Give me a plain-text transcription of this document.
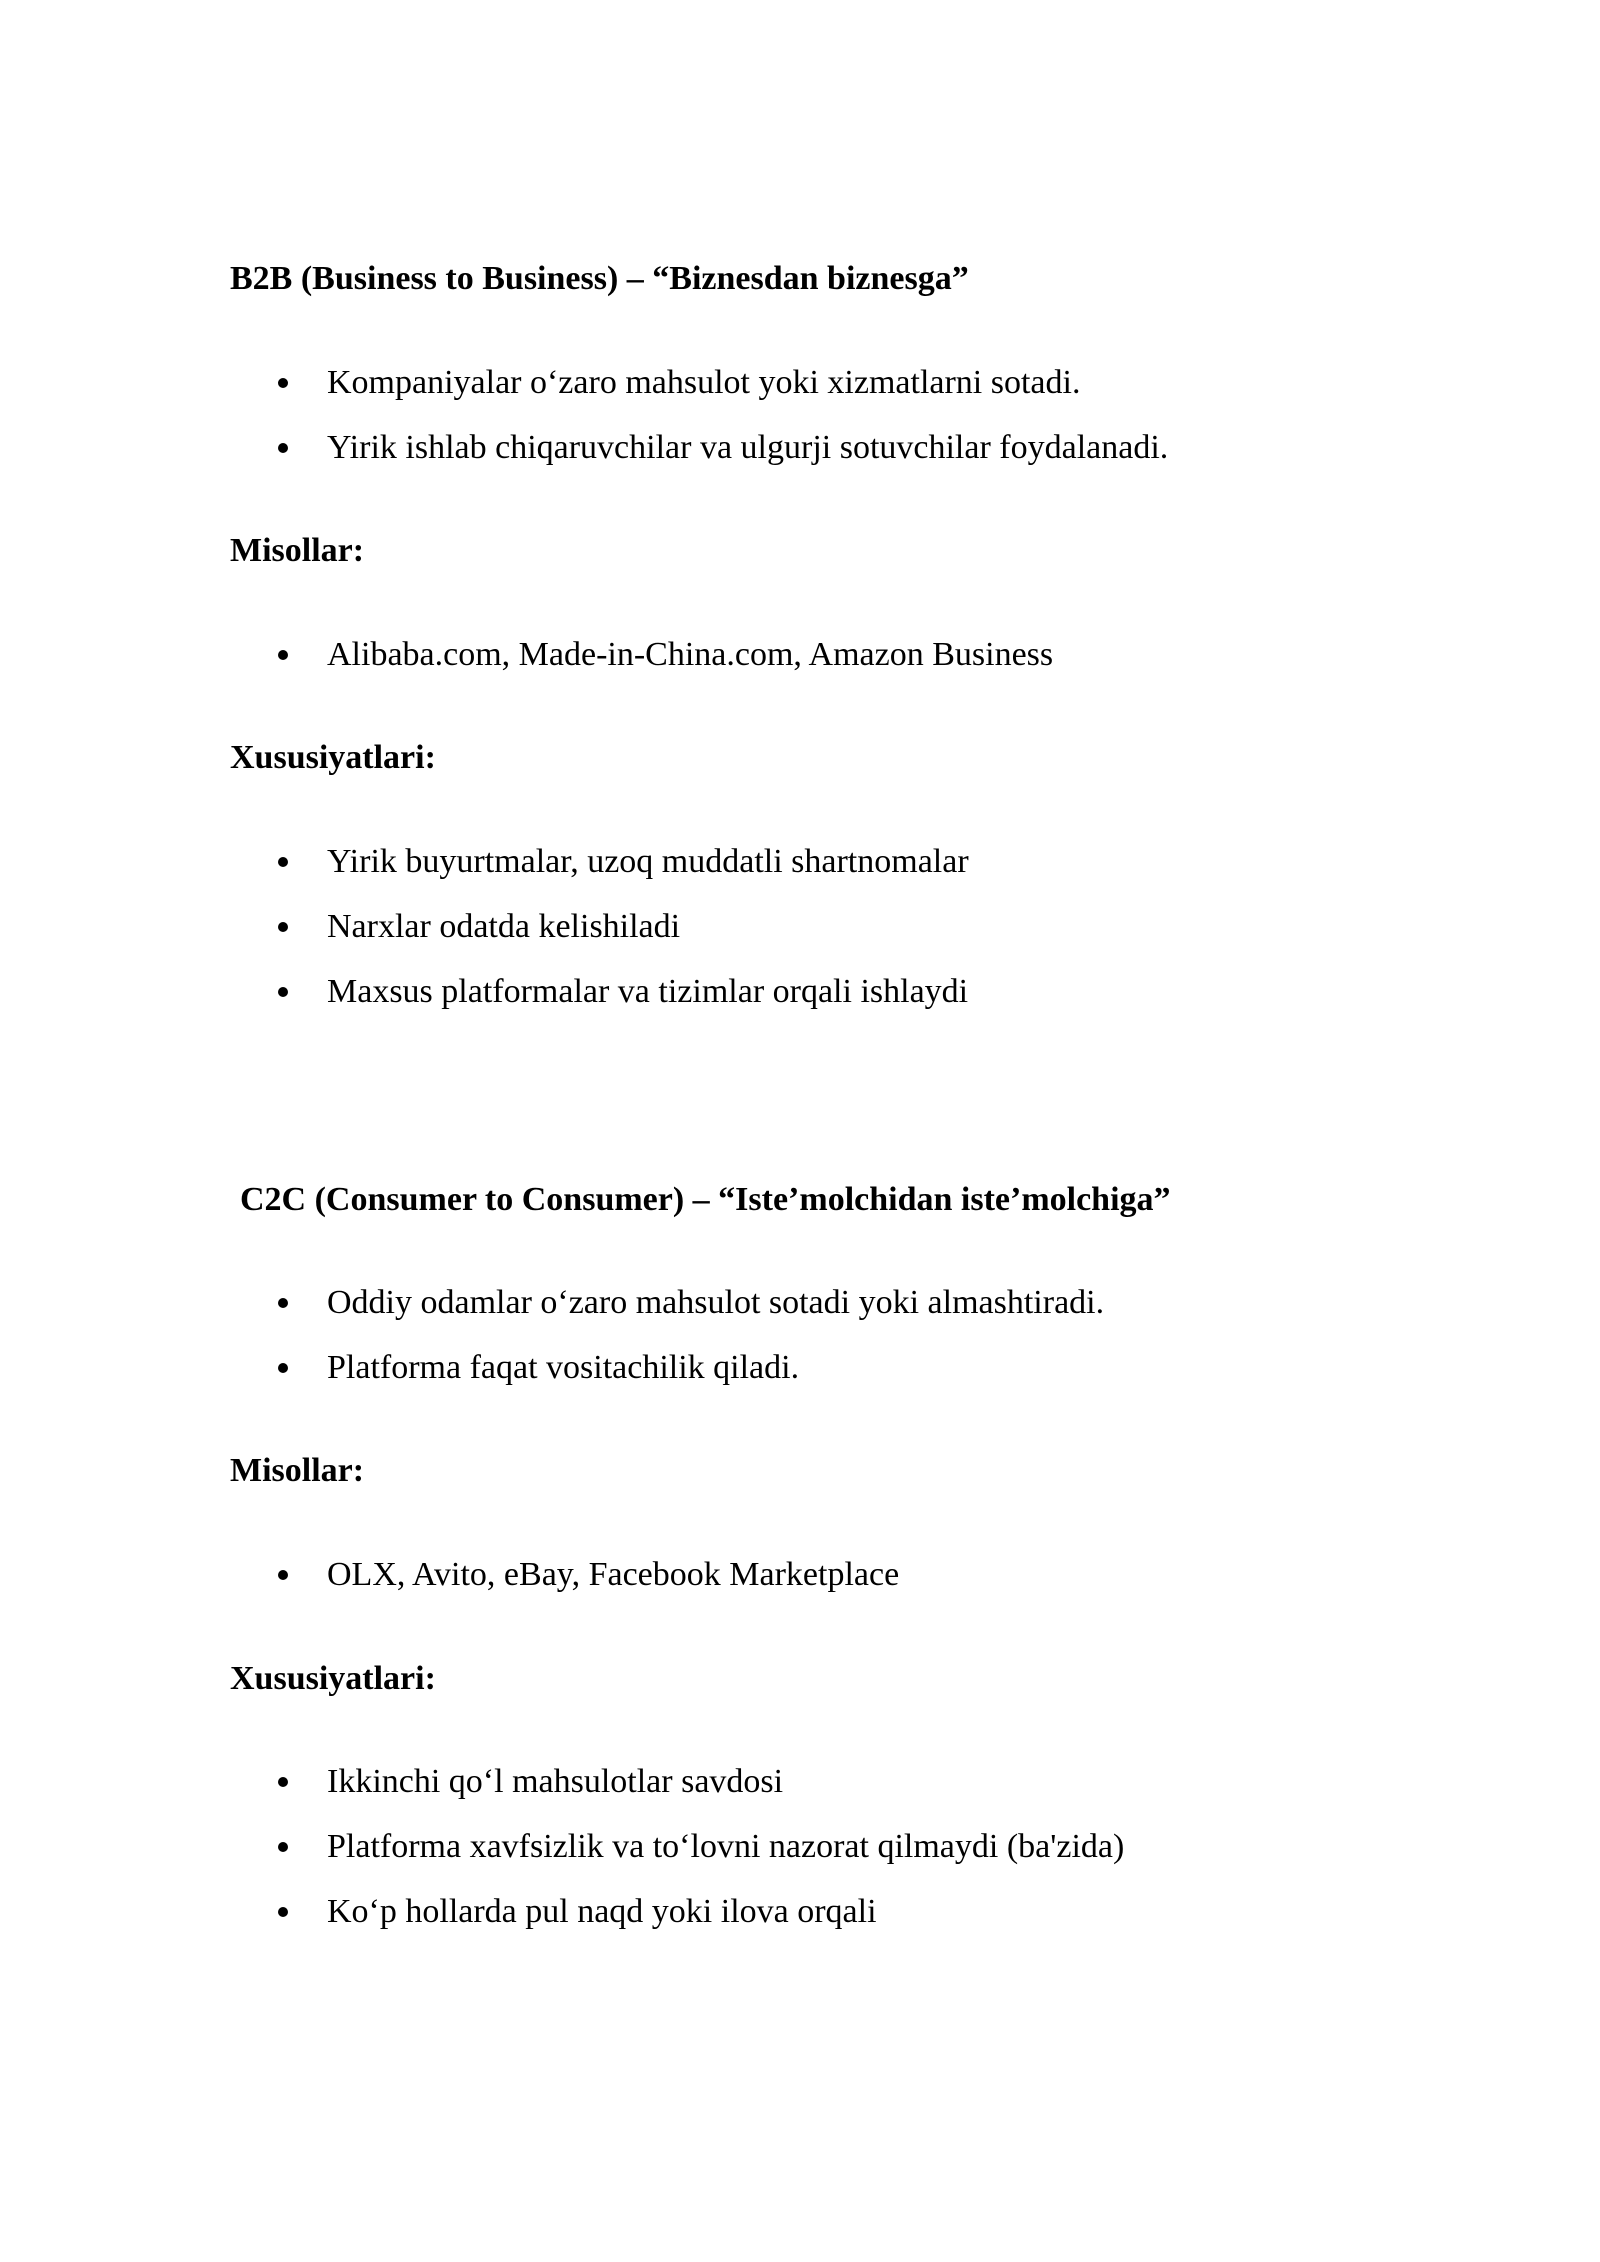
B2B (Business to Business) – “Biznesdan biznesga”
Kompaniyalar o‘zaro mahsulot yoki xizmatlarni sotadi.
Yirik ishlab chiqaruvchilar va ulgurji sotuvchilar foydalanadi.
Misollar:
Alibaba.com, Made-in-China.com, Amazon Business
Xususiyatlari:
Yirik buyurtmalar, uzoq muddatli shartnomalar
Narxlar odatda kelishiladi
Maxsus platformalar va tizimlar orqali ishlaydi
C2C (Consumer to Consumer) – “Iste’molchidan iste’molchiga”
Oddiy odamlar o‘zaro mahsulot sotadi yoki almashtiradi.
Platforma faqat vositachilik qiladi.
Misollar:
OLX, Avito, eBay, Facebook Marketplace
Xususiyatlari:
Ikkinchi qo‘l mahsulotlar savdosi
Platforma xavfsizlik va to‘lovni nazorat qilmaydi (ba'zida)
Ko‘p hollarda pul naqd yoki ilova orqali
